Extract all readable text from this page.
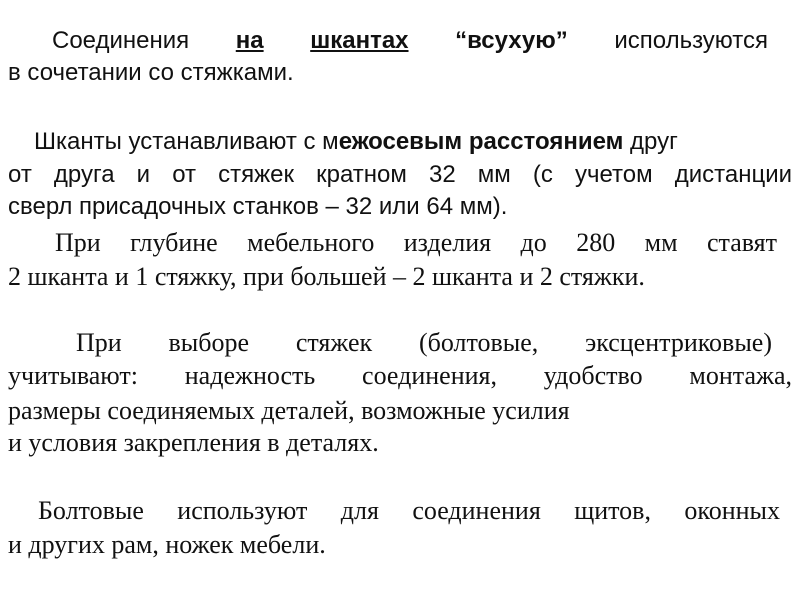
Соединения на шкантах “всухую” используются
в сочетании со стяжками.
Шканты устанавливают с межосевым расстоянием друг
от друга и от стяжек кратном 32 мм (с учетом дистанции
сверл присадочных станков – 32 или 64 мм).
При глубине мебельного изделия до 280 мм ставят
2 шканта и 1 стяжку, при большей – 2 шканта и 2 стяжки.
При выборе стяжек (болтовые, эксцентриковые)
учитывают: надежность соединения, удобство монтажа,
размеры соединяемых деталей, возможные усилия
и условия закрепления в деталях.
Болтовые используют для соединения щитов, оконных
и других рам, ножек мебели.
